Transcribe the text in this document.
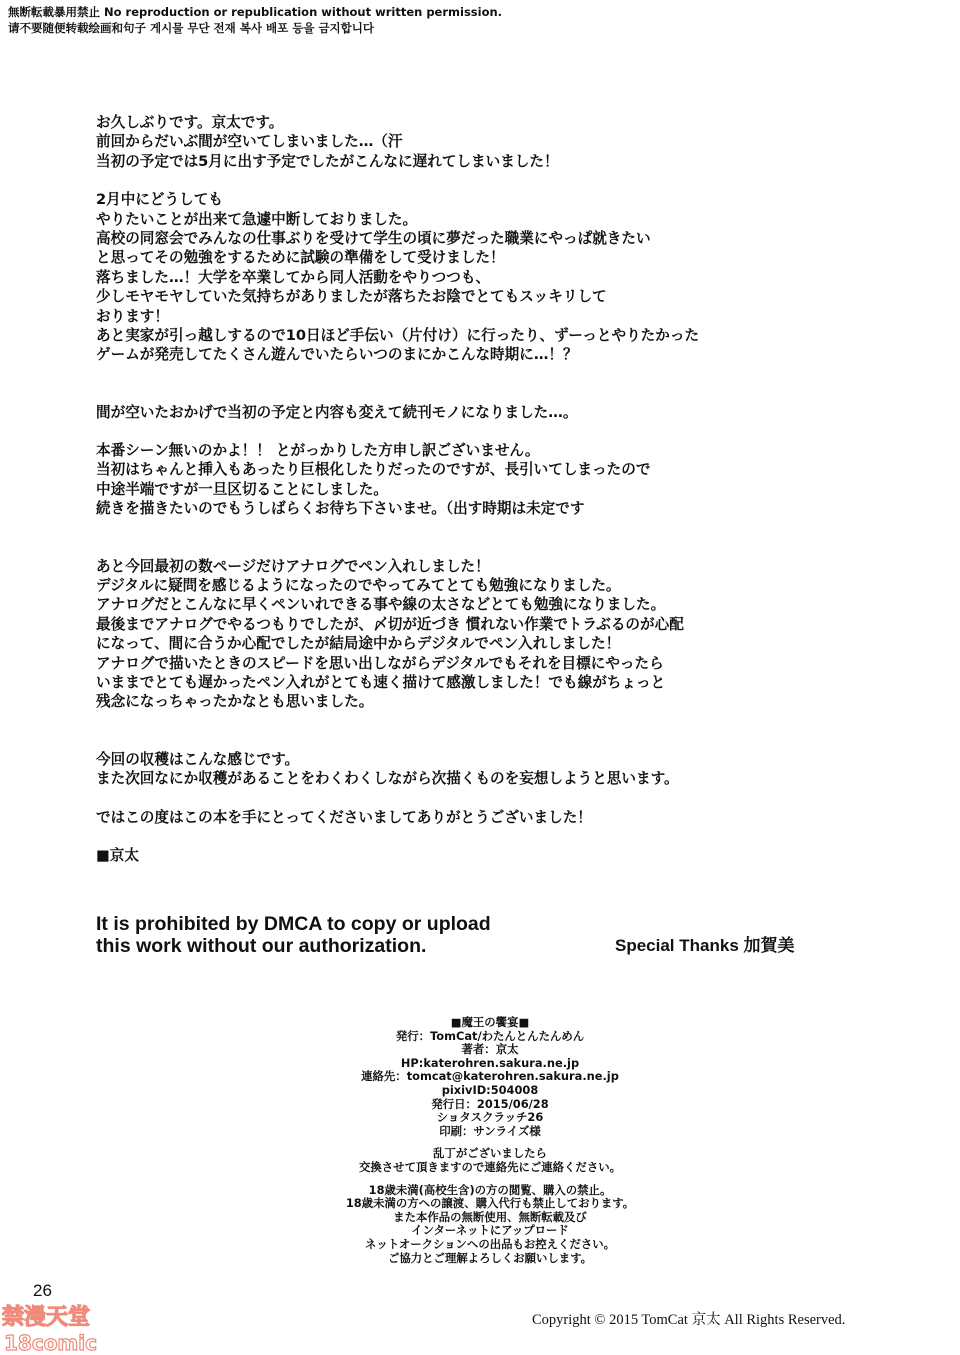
無断転載暴用禁止 No reproduction or republication without written permission.
请不要随便转载绘画和句子 게시물 무단 전재 복사 배포 등을 금지합니다
お久しぶりです。京太です。
前回からだいぶ間が空いてしまいました…（汗
当初の予定では5月に出す予定でしたがこんなに遅れてしまいました！
2月中にどうしても
やりたいことが出来て急遽中断しておりました。
高校の同窓会でみんなの仕事ぶりを受けて学生の頃に夢だった職業にやっぱ就きたい
と思ってその勉強をするために試験の準備をして受けました！
落ちました…！大学を卒業してから同人活動をやりつつも、
少しモヤモヤしていた気持ちがありましたが落ちたお陰でとてもスッキリして
おります！
あと実家が引っ越しするので10日ほど手伝い（片付け）に行ったり、ずーっとやりたかった
ゲームが発売してたくさん遊んでいたらいつのまにかこんな時期に…！？
間が空いたおかげで当初の予定と内容も変えて続刊モノになりました…。
本番シーン無いのかよ！！ とがっかりした方申し訳ございません。
当初はちゃんと挿入もあったり巨根化したりだったのですが、長引いてしまったので
中途半端ですが一旦区切ることにしました。
続きを描きたいのでもうしばらくお待ち下さいませ。（出す時期は未定です
あと今回最初の数ページだけアナログでペン入れしました！
デジタルに疑問を感じるようになったのでやってみてとても勉強になりました。
アナログだとこんなに早くペンいれできる事や線の太さなどとても勉強になりました。
最後までアナログでやるつもりでしたが、〆切が近づき 慣れない作業でトラぶるのが心配
になって、間に合うか心配でしたが結局途中からデジタルでペン入れしました！
アナログで描いたときのスピードを思い出しながらデジタルでもそれを目標にやったら
いままでとても遅かったペン入れがとても速く描けて感激しました！でも線がちょっと
残念になっちゃったかなとも思いました。
今回の収穫はこんな感じです。
また次回なにか収穫があることをわくわくしながら次描くものを妄想しようと思います。
ではこの度はこの本を手にとってくださいましてありがとうございました！
■京太
It is prohibited by DMCA to copy or upload
this work without our authorization.	Special Thanks 加賀美
■魔王の饗宴■
発行：TomCat/わたんとんたんめん
著者：京太
HP:katerohren.sakura.ne.jp
連絡先：tomcat@katerohren.sakura.ne.jp
pixivID:504008
発行日：2015/06/28
ショタスクラッチ26
印刷：サンライズ様
乱丁がございましたら
交換させて頂きますので連絡先にご連絡ください。
18歳未満(高校生含)の方の閲覧、購入の禁止。
18歳未満の方への譲渡、購入代行も禁止しております。
また本作品の無断使用、無断転載及び
インターネットにアップロード
ネットオークションへの出品もお控えください。
ご協力とご理解よろしくお願いします。
26
Copyright © 2015 TomCat 京太 All Rights Reserved.
禁漫天堂
18comic
